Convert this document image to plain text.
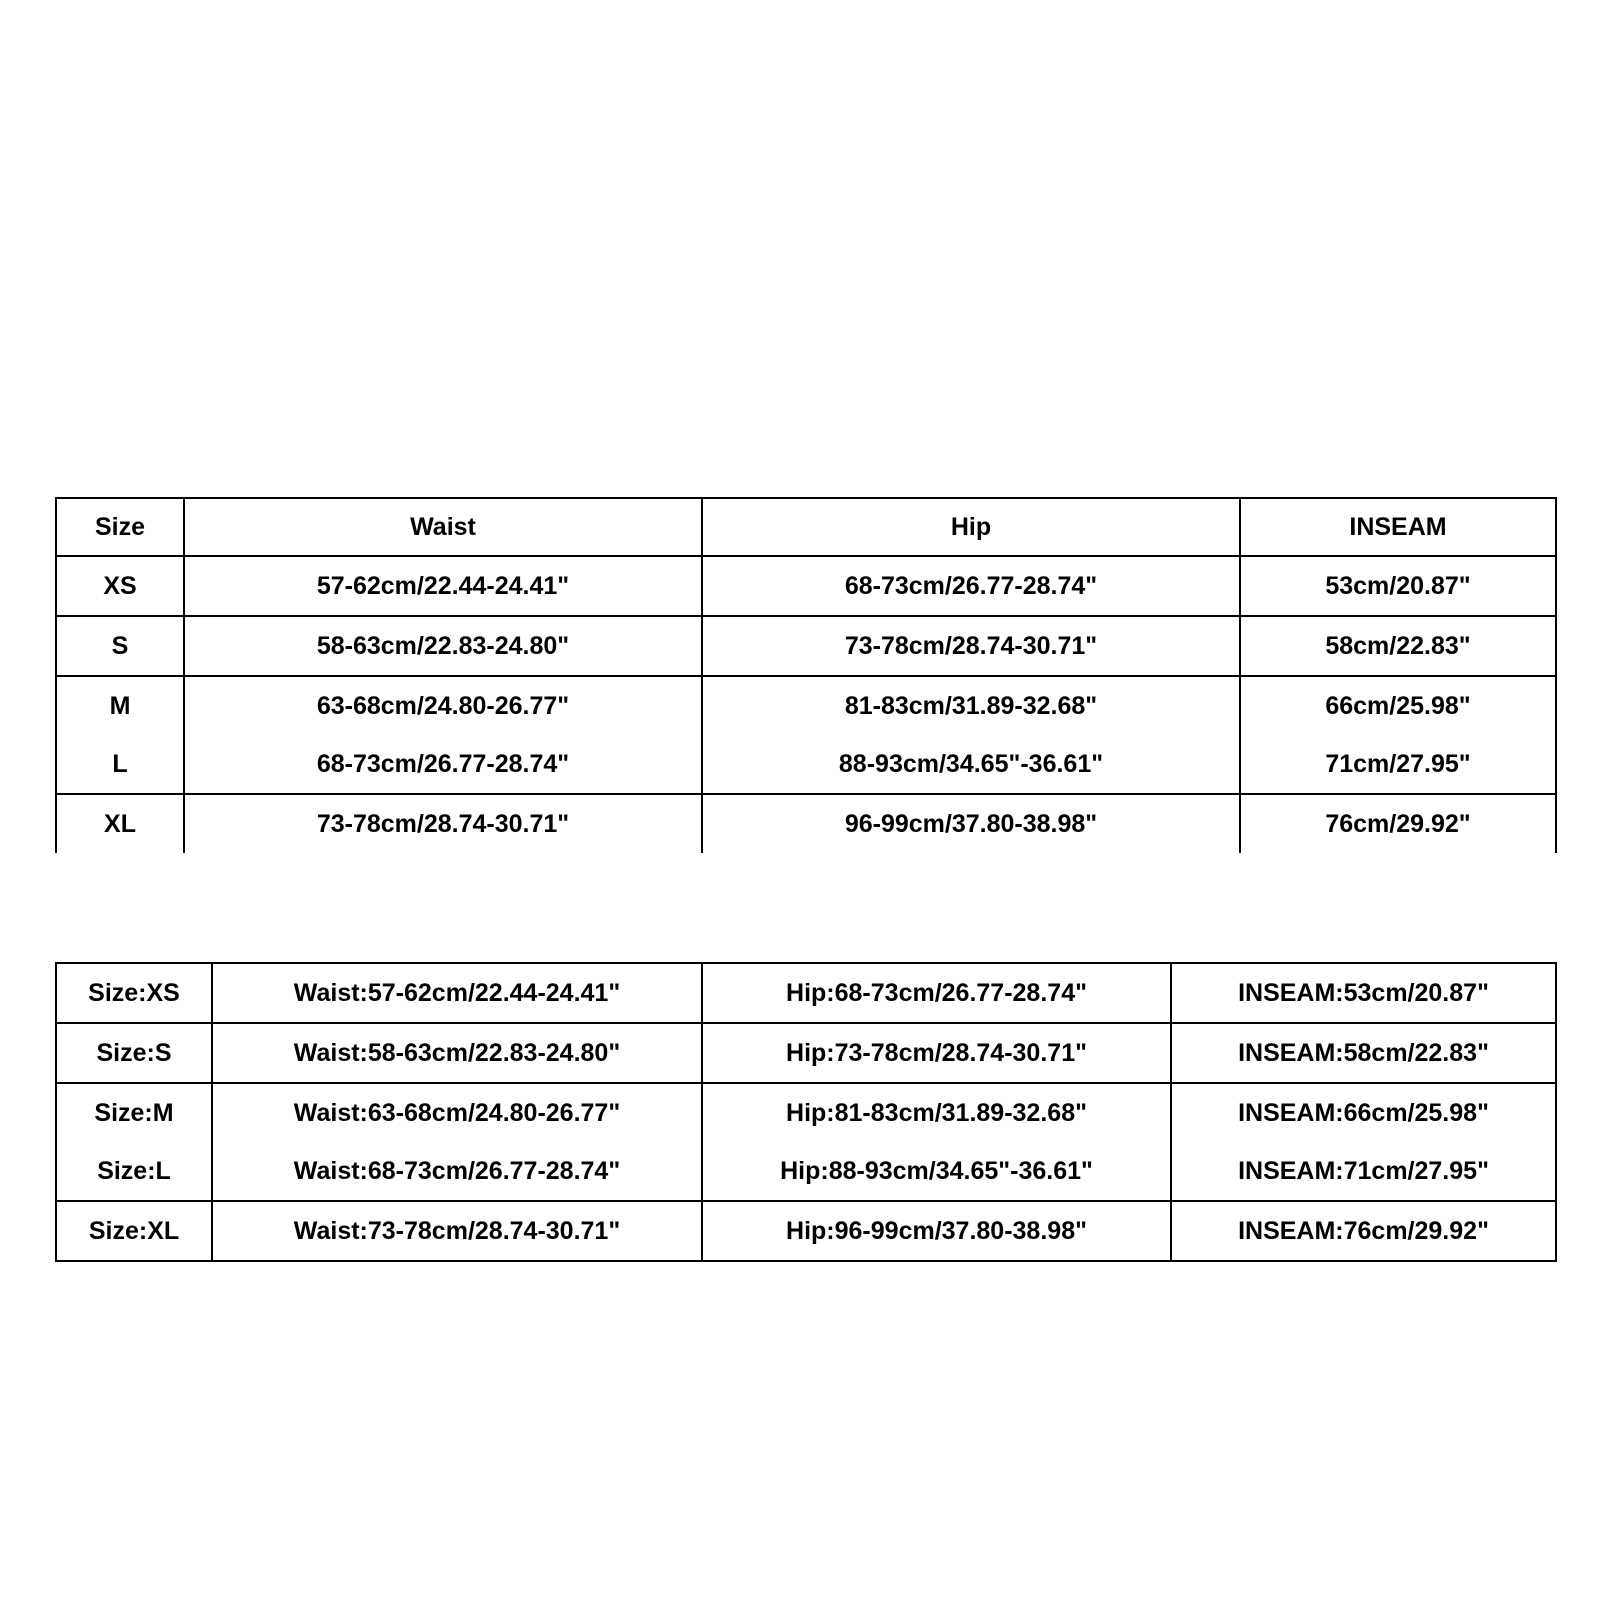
Size	Waist	Hip	INSEAM
XS	57-62cm/22.44-24.41"	68-73cm/26.77-28.74"	53cm/20.87"
S	58-63cm/22.83-24.80"	73-78cm/28.74-30.71"	58cm/22.83"
M	63-68cm/24.80-26.77"	81-83cm/31.89-32.68"	66cm/25.98"
L	68-73cm/26.77-28.74"	88-93cm/34.65"-36.61"	71cm/27.95"
XL	73-78cm/28.74-30.71"	96-99cm/37.80-38.98"	76cm/29.92"
Size:XS	Waist:57-62cm/22.44-24.41"	Hip:68-73cm/26.77-28.74"	INSEAM:53cm/20.87"
Size:S	Waist:58-63cm/22.83-24.80"	Hip:73-78cm/28.74-30.71"	INSEAM:58cm/22.83"
Size:M	Waist:63-68cm/24.80-26.77"	Hip:81-83cm/31.89-32.68"	INSEAM:66cm/25.98"
Size:L	Waist:68-73cm/26.77-28.74"	Hip:88-93cm/34.65"-36.61"	INSEAM:71cm/27.95"
Size:XL	Waist:73-78cm/28.74-30.71"	Hip:96-99cm/37.80-38.98"	INSEAM:76cm/29.92"
